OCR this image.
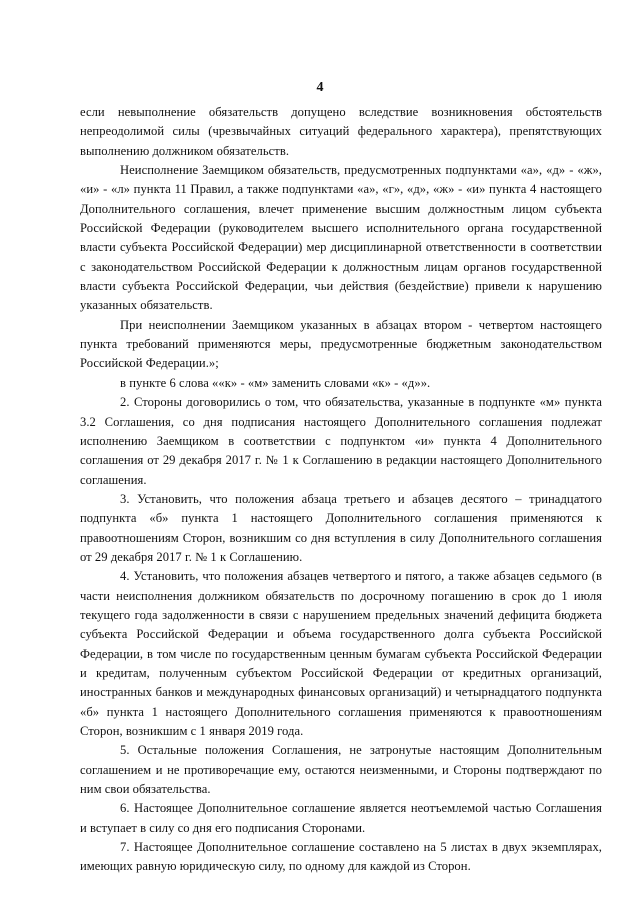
4

если невыполнение обязательств допущено вследствие возникновения обстоятельств непреодолимой силы (чрезвычайных ситуаций федерального характера), препятствующих выполнению должником обязательств.

Неисполнение Заемщиком обязательств, предусмотренных подпунктами «а», «д» - «ж», «и» - «л» пункта 11 Правил, а также подпунктами «а», «г», «д», «ж» - «и» пункта 4 настоящего Дополнительного соглашения, влечет применение высшим должностным лицом субъекта Российской Федерации (руководителем высшего исполнительного органа государственной власти субъекта Российской Федерации) мер дисциплинарной ответственности в соответствии с законодательством Российской Федерации к должностным лицам органов государственной власти субъекта Российской Федерации, чьи действия (бездействие) привели к нарушению указанных обязательств.

При неисполнении Заемщиком указанных в абзацах втором - четвертом настоящего пункта требований применяются меры, предусмотренные бюджетным законодательством Российской Федерации.»;

в пункте 6 слова ««к» - «м» заменить словами «к» - «д»».

2. Стороны договорились о том, что обязательства, указанные в подпункте «м» пункта 3.2 Соглашения, со дня подписания настоящего Дополнительного соглашения подлежат исполнению Заемщиком в соответствии с подпунктом «и» пункта 4 Дополнительного соглашения от 29 декабря 2017 г. № 1 к Соглашению в редакции настоящего Дополнительного соглашения.

3. Установить, что положения абзаца третьего и абзацев десятого – тринадцатого подпункта «б» пункта 1 настоящего Дополнительного соглашения применяются к правоотношениям Сторон, возникшим со дня вступления в силу Дополнительного соглашения от 29 декабря 2017 г. № 1 к Соглашению.

4. Установить, что положения абзацев четвертого и пятого, а также абзацев седьмого (в части неисполнения должником обязательств по досрочному погашению в срок до 1 июля текущего года задолженности в связи с нарушением предельных значений дефицита бюджета субъекта Российской Федерации и объема государственного долга субъекта Российской Федерации, в том числе по государственным ценным бумагам субъекта Российской Федерации и кредитам, полученным субъектом Российской Федерации от кредитных организаций, иностранных банков и международных финансовых организаций) и четырнадцатого подпункта «б» пункта 1 настоящего Дополнительного соглашения применяются к правоотношениям Сторон, возникшим с 1 января 2019 года.

5. Остальные положения Соглашения, не затронутые настоящим Дополнительным соглашением и не противоречащие ему, остаются неизменными, и Стороны подтверждают по ним свои обязательства.

6. Настоящее Дополнительное соглашение является неотъемлемой частью Соглашения и вступает в силу со дня его подписания Сторонами.

7. Настоящее Дополнительное соглашение составлено на 5 листах в двух экземплярах, имеющих равную юридическую силу, по одному для каждой из Сторон.
